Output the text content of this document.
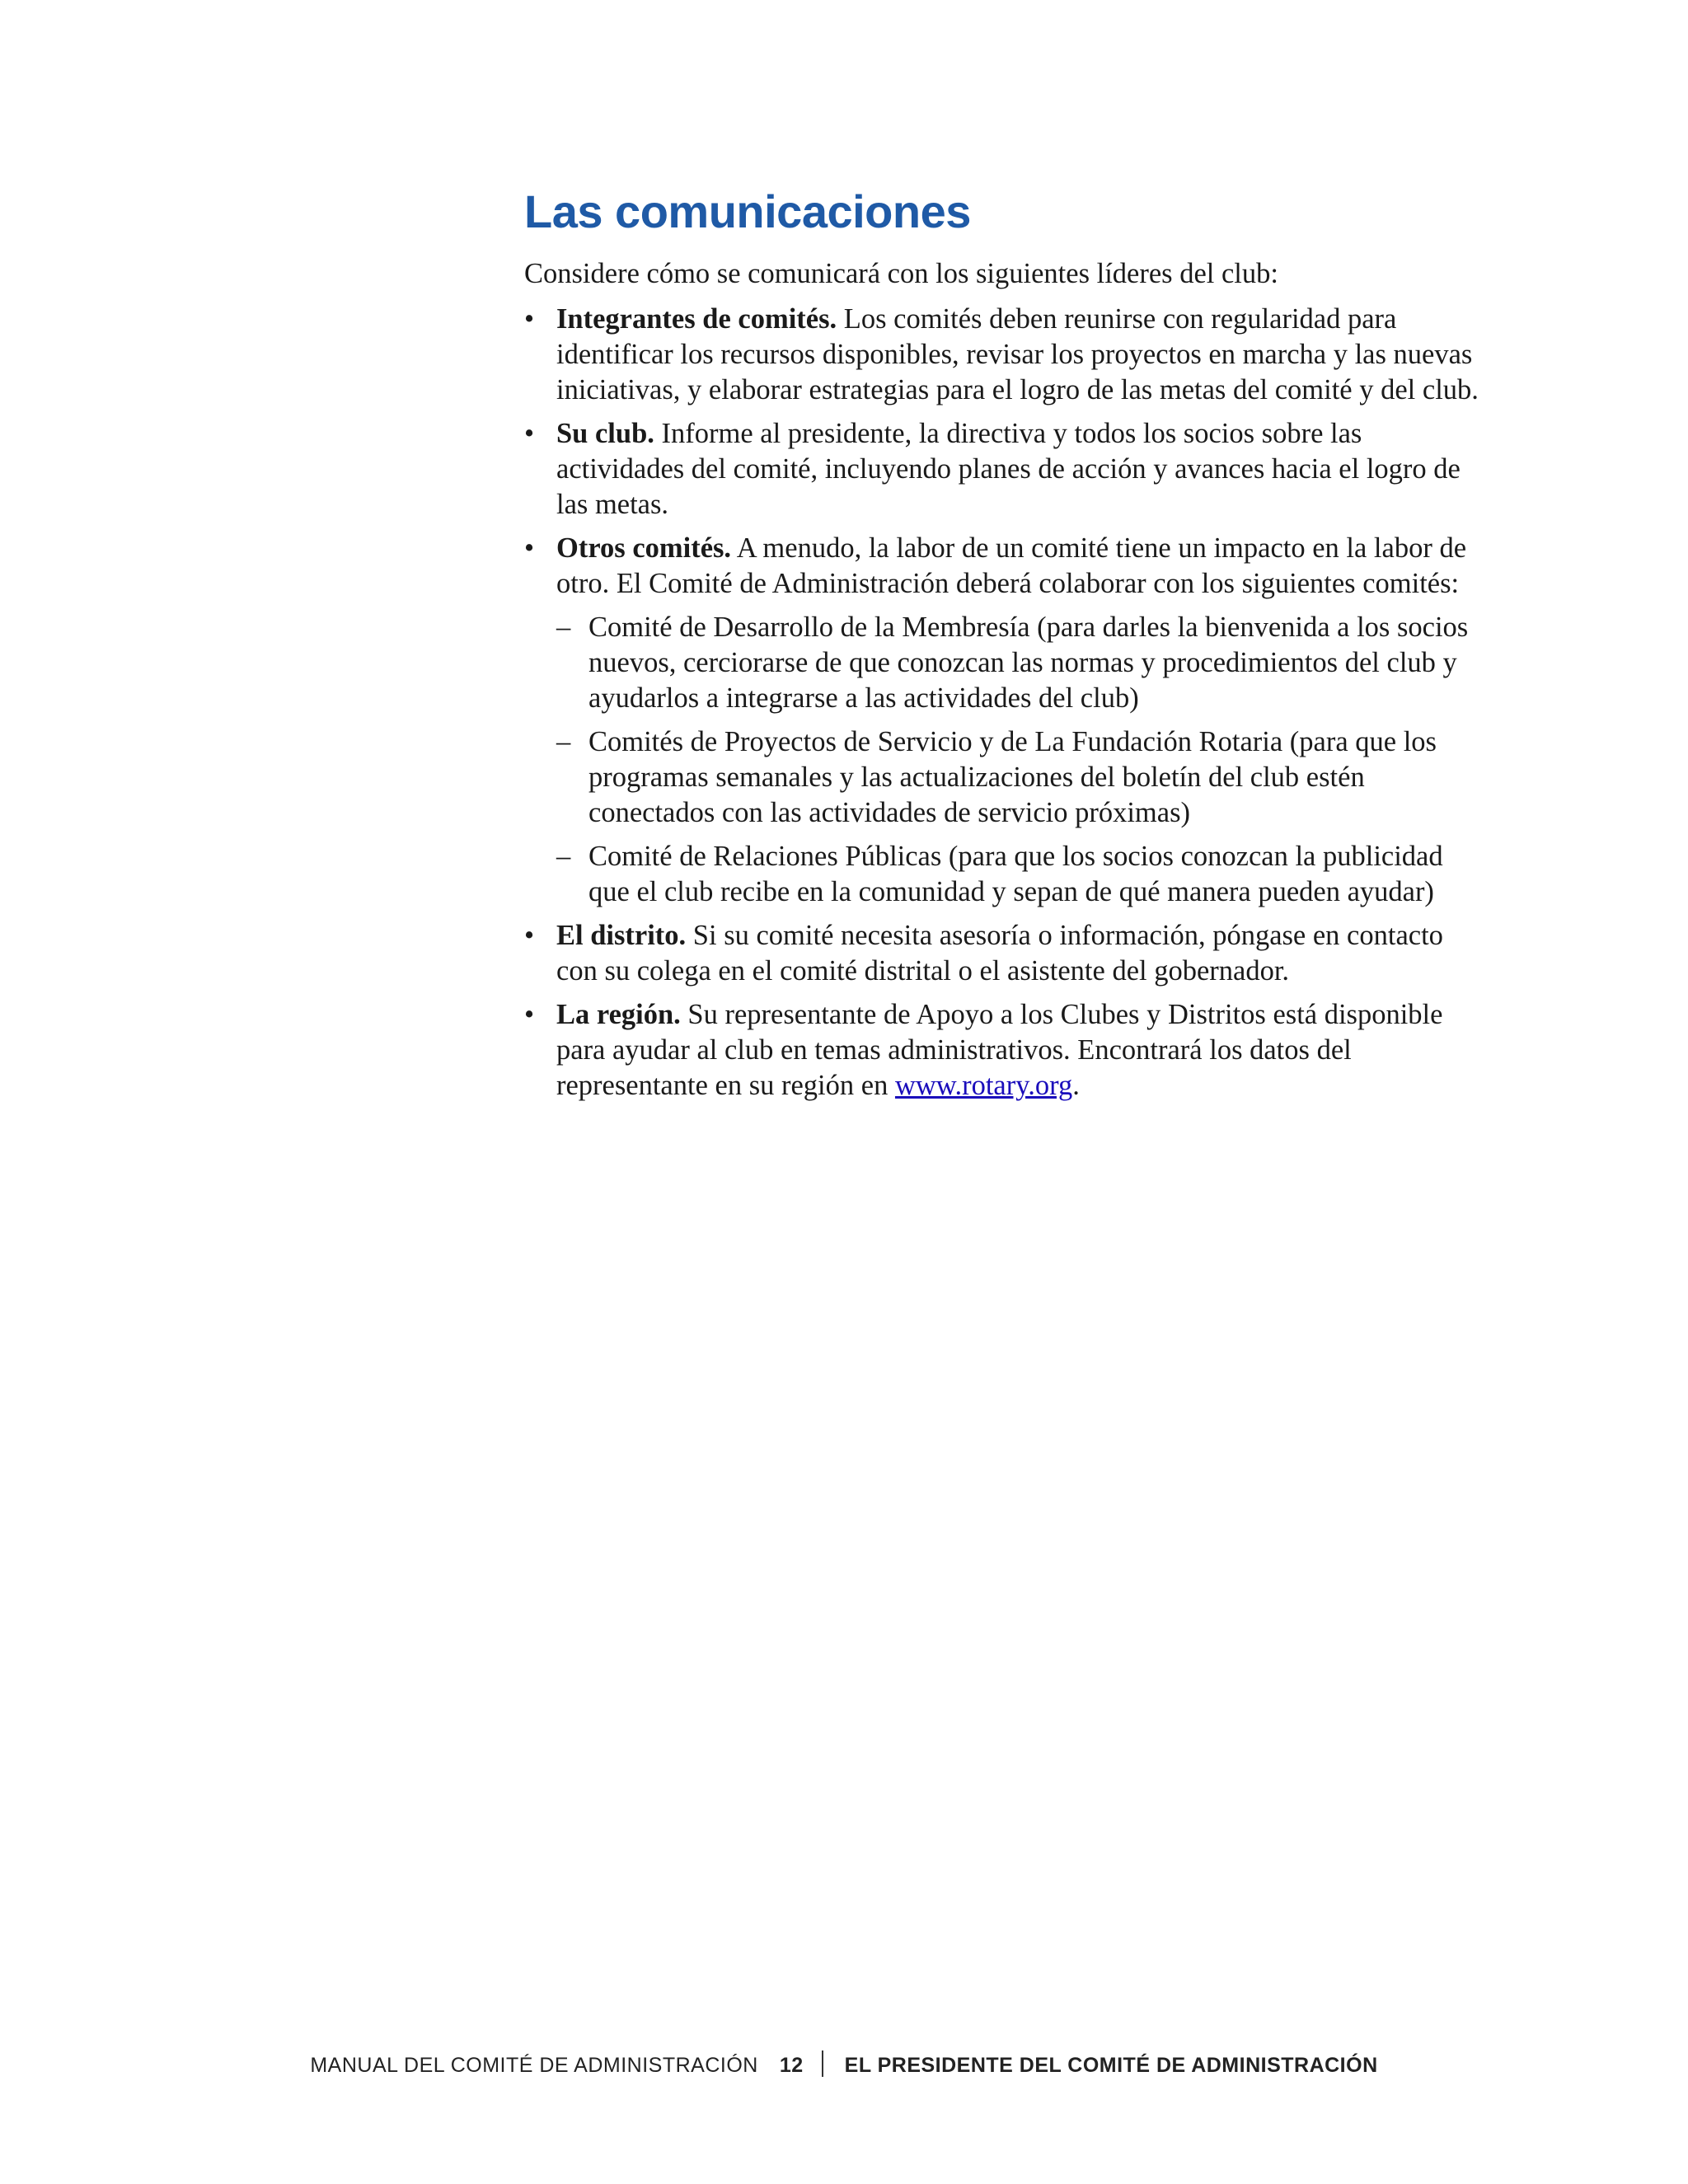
Las comunicaciones

Considere cómo se comunicará con los siguientes líderes del club:

• Integrantes de comités. Los comités deben reunirse con regularidad para identificar los recursos disponibles, revisar los proyectos en marcha y las nuevas iniciativas, y elaborar estrategias para el logro de las metas del comité y del club.
• Su club. Informe al presidente, la directiva y todos los socios sobre las actividades del comité, incluyendo planes de acción y avances hacia el logro de las metas.
• Otros comités. A menudo, la labor de un comité tiene un impacto en la labor de otro. El Comité de Administración deberá colaborar con los siguientes comités:
– Comité de Desarrollo de la Membresía (para darles la bienvenida a los socios nuevos, cerciorarse de que conozcan las normas y procedimientos del club y ayudarlos a integrarse a las actividades del club)
– Comités de Proyectos de Servicio y de La Fundación Rotaria (para que los programas semanales y las actualizaciones del boletín del club estén conectados con las actividades de servicio próximas)
– Comité de Relaciones Públicas (para que los socios conozcan la publicidad que el club recibe en la comunidad y sepan de qué manera pueden ayudar)
• El distrito. Si su comité necesita asesoría o información, póngase en contacto con su colega en el comité distrital o el asistente del gobernador.
• La región. Su representante de Apoyo a los Clubes y Distritos está disponible para ayudar al club en temas administrativos. Encontrará los datos del representante en su región en www.rotary.org.
MANUAL DEL COMITÉ DE ADMINISTRACIÓN 12 EL PRESIDENTE DEL COMITÉ DE ADMINISTRACIÓN
